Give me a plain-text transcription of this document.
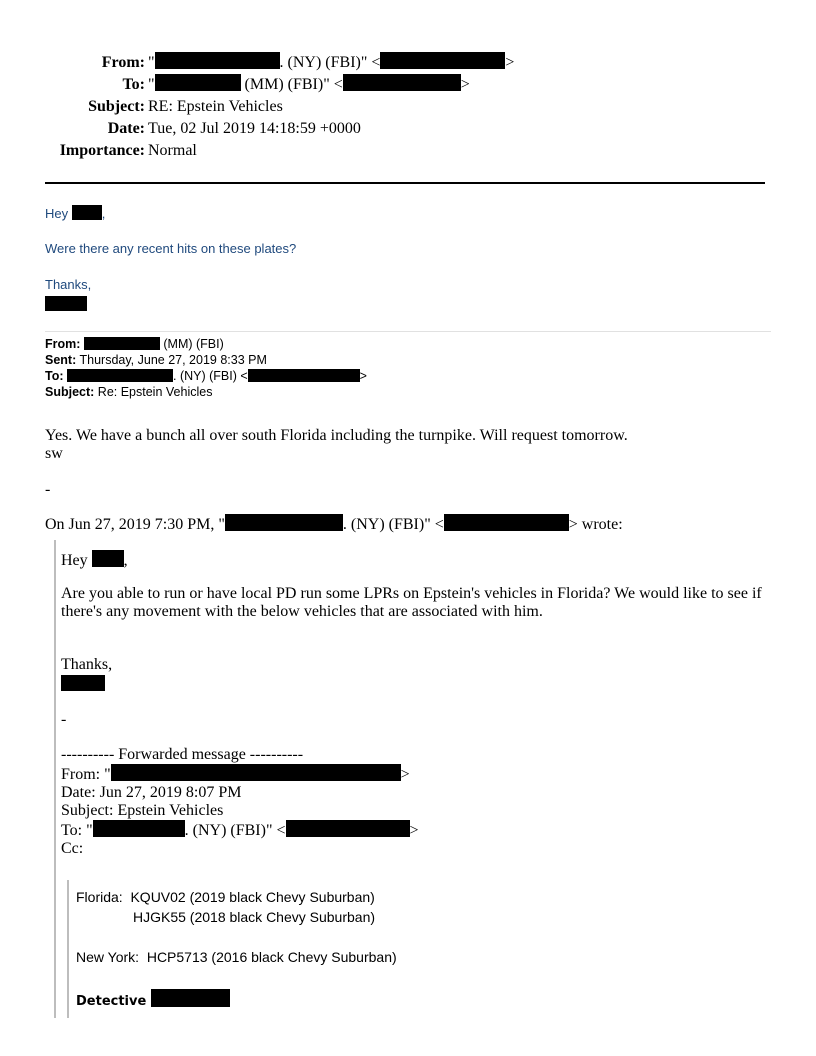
From: "	. (NY) (FBI)" <	>
To: "	(MM) (FBI)" <	>
Subject: RE: Epstein Vehicles
Date: Tue, 02 Jul 2019 14:18:59 +0000
Importance: Normal
Hey	,
Were there any recent hits on these plates?
Thanks,
From:	(MM) (FBI)
Sent: Thursday, June 27, 2019 8:33 PM
To:	. (NY) (FBI) <	>
Subject: Re: Epstein Vehicles
Yes. We have a bunch all over south Florida including the turnpike. Will request tomorrow.
sw
-
On Jun 27, 2019 7:30 PM, "	. (NY) (FBI)" <	> wrote:
Hey ,
Are you able to run or have local PD run some LPRs on Epstein's vehicles in Florida? We would like to see if there's any movement with the below vehicles that are associated with him.
Thanks,
-
---------- Forwarded message ----------
From: "	>
Date: Jun 27, 2019 8:07 PM
Subject: Epstein Vehicles
To: "	. (NY) (FBI)" <	>
Cc:
Florida: KQUV02 (2019 black Chevy Suburban)
HJGK55 (2018 black Chevy Suburban)
New York: HCP5713 (2016 black Chevy Suburban)
Detective
